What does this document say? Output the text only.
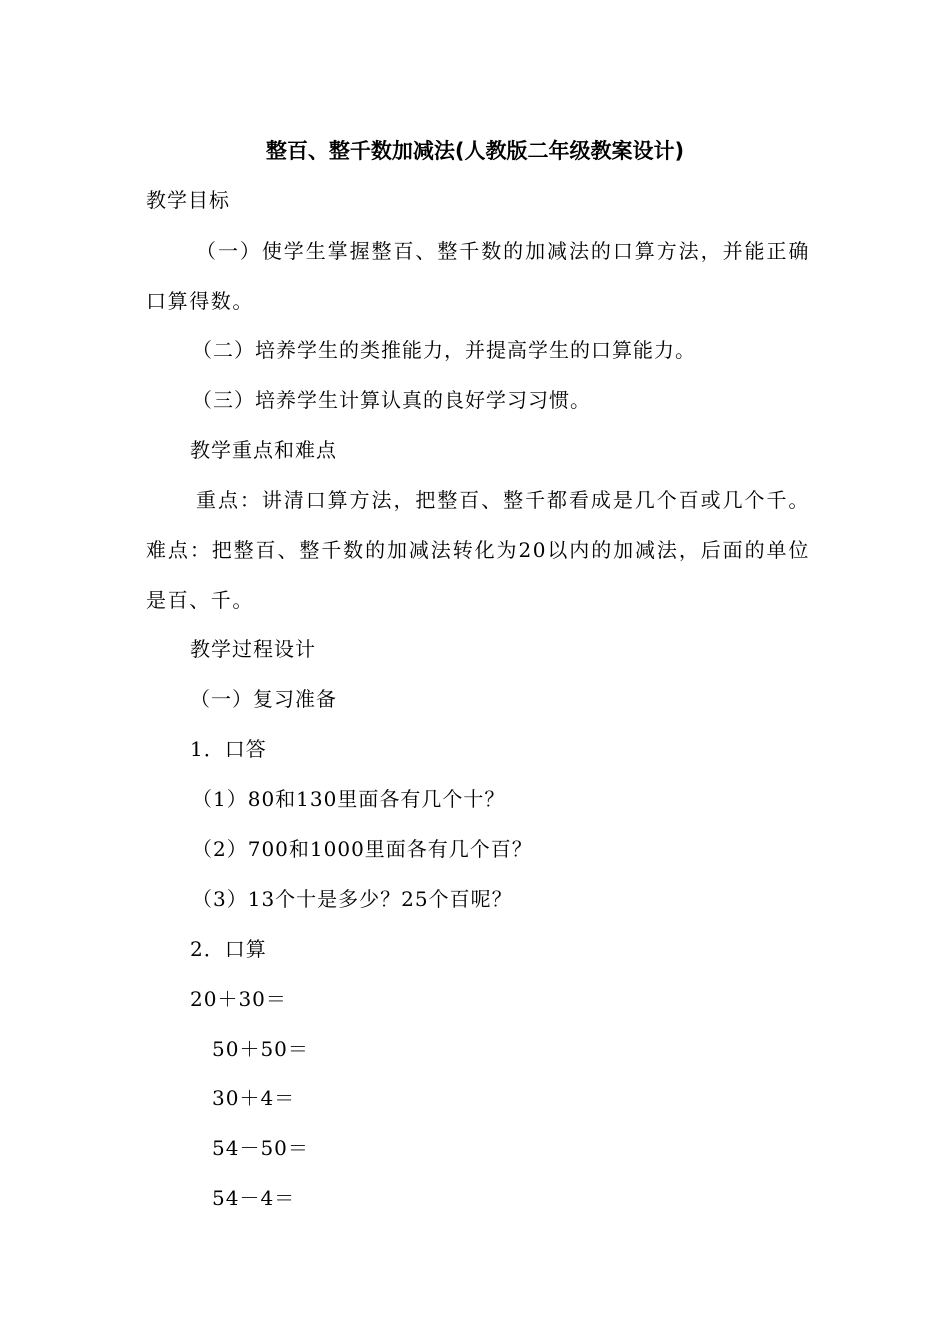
整百、整千数加减法(人教版二年级教案设计)
教学目标
（一）使学生掌握整百、整千数的加减法的口算方法，并能正确口算得数。
（二）培养学生的类推能力，并提高学生的口算能力。
（三）培养学生计算认真的良好学习习惯。
教学重点和难点
重点：讲清口算方法，把整百、整千都看成是几个百或几个千。难点：把整百、整千数的加减法转化为20以内的加减法，后面的单位是百、千。
教学过程设计
（一）复习准备
1．口答
（1）80和130里面各有几个十？
（2）700和1000里面各有几个百？
（3）13个十是多少？25个百呢？
2．口算
20＋30＝
50＋50＝
30＋4＝
54－50＝
54－4＝
